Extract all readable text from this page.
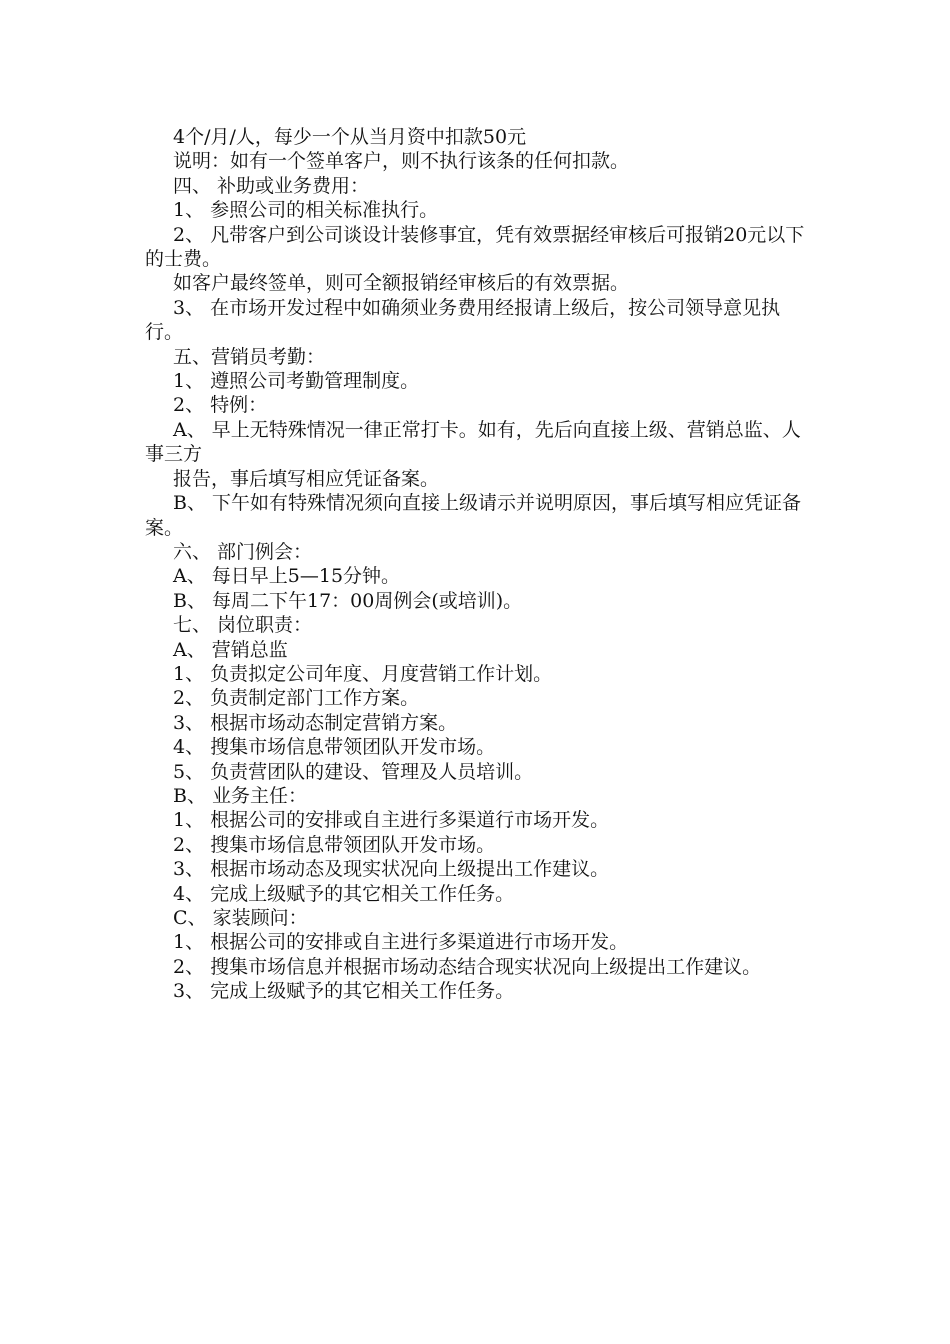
4个/月/人，每少一个从当月资中扣款50元

说明：如有一个签单客户，则不执行该条的任何扣款。

四、 补助或业务费用：

1、 参照公司的相关标准执行。

2、 凡带客户到公司谈设计装修事宜，凭有效票据经审核后可报销20元以下的士费。

如客户最终签单，则可全额报销经审核后的有效票据。

3、 在市场开发过程中如确须业务费用经报请上级后，按公司领导意见执行。

五、营销员考勤：

1、 遵照公司考勤管理制度。

2、 特例：

A、 早上无特殊情况一律正常打卡。如有，先后向直接上级、营销总监、人事三方

报告，事后填写相应凭证备案。

B、 下午如有特殊情况须向直接上级请示并说明原因，事后填写相应凭证备案。

六、 部门例会：

A、 每日早上5—15分钟。

B、 每周二下午17：00周例会(或培训)。

七、 岗位职责：

A、 营销总监

1、 负责拟定公司年度、月度营销工作计划。

2、 负责制定部门工作方案。

3、 根据市场动态制定营销方案。

4、 搜集市场信息带领团队开发市场。

5、 负责营团队的建设、管理及人员培训。

B、 业务主任：

1、 根据公司的安排或自主进行多渠道行市场开发。

2、 搜集市场信息带领团队开发市场。

3、 根据市场动态及现实状况向上级提出工作建议。

4、 完成上级赋予的其它相关工作任务。

C、 家装顾问：

1、 根据公司的安排或自主进行多渠道进行市场开发。

2、 搜集市场信息并根据市场动态结合现实状况向上级提出工作建议。

3、 完成上级赋予的其它相关工作任务。
